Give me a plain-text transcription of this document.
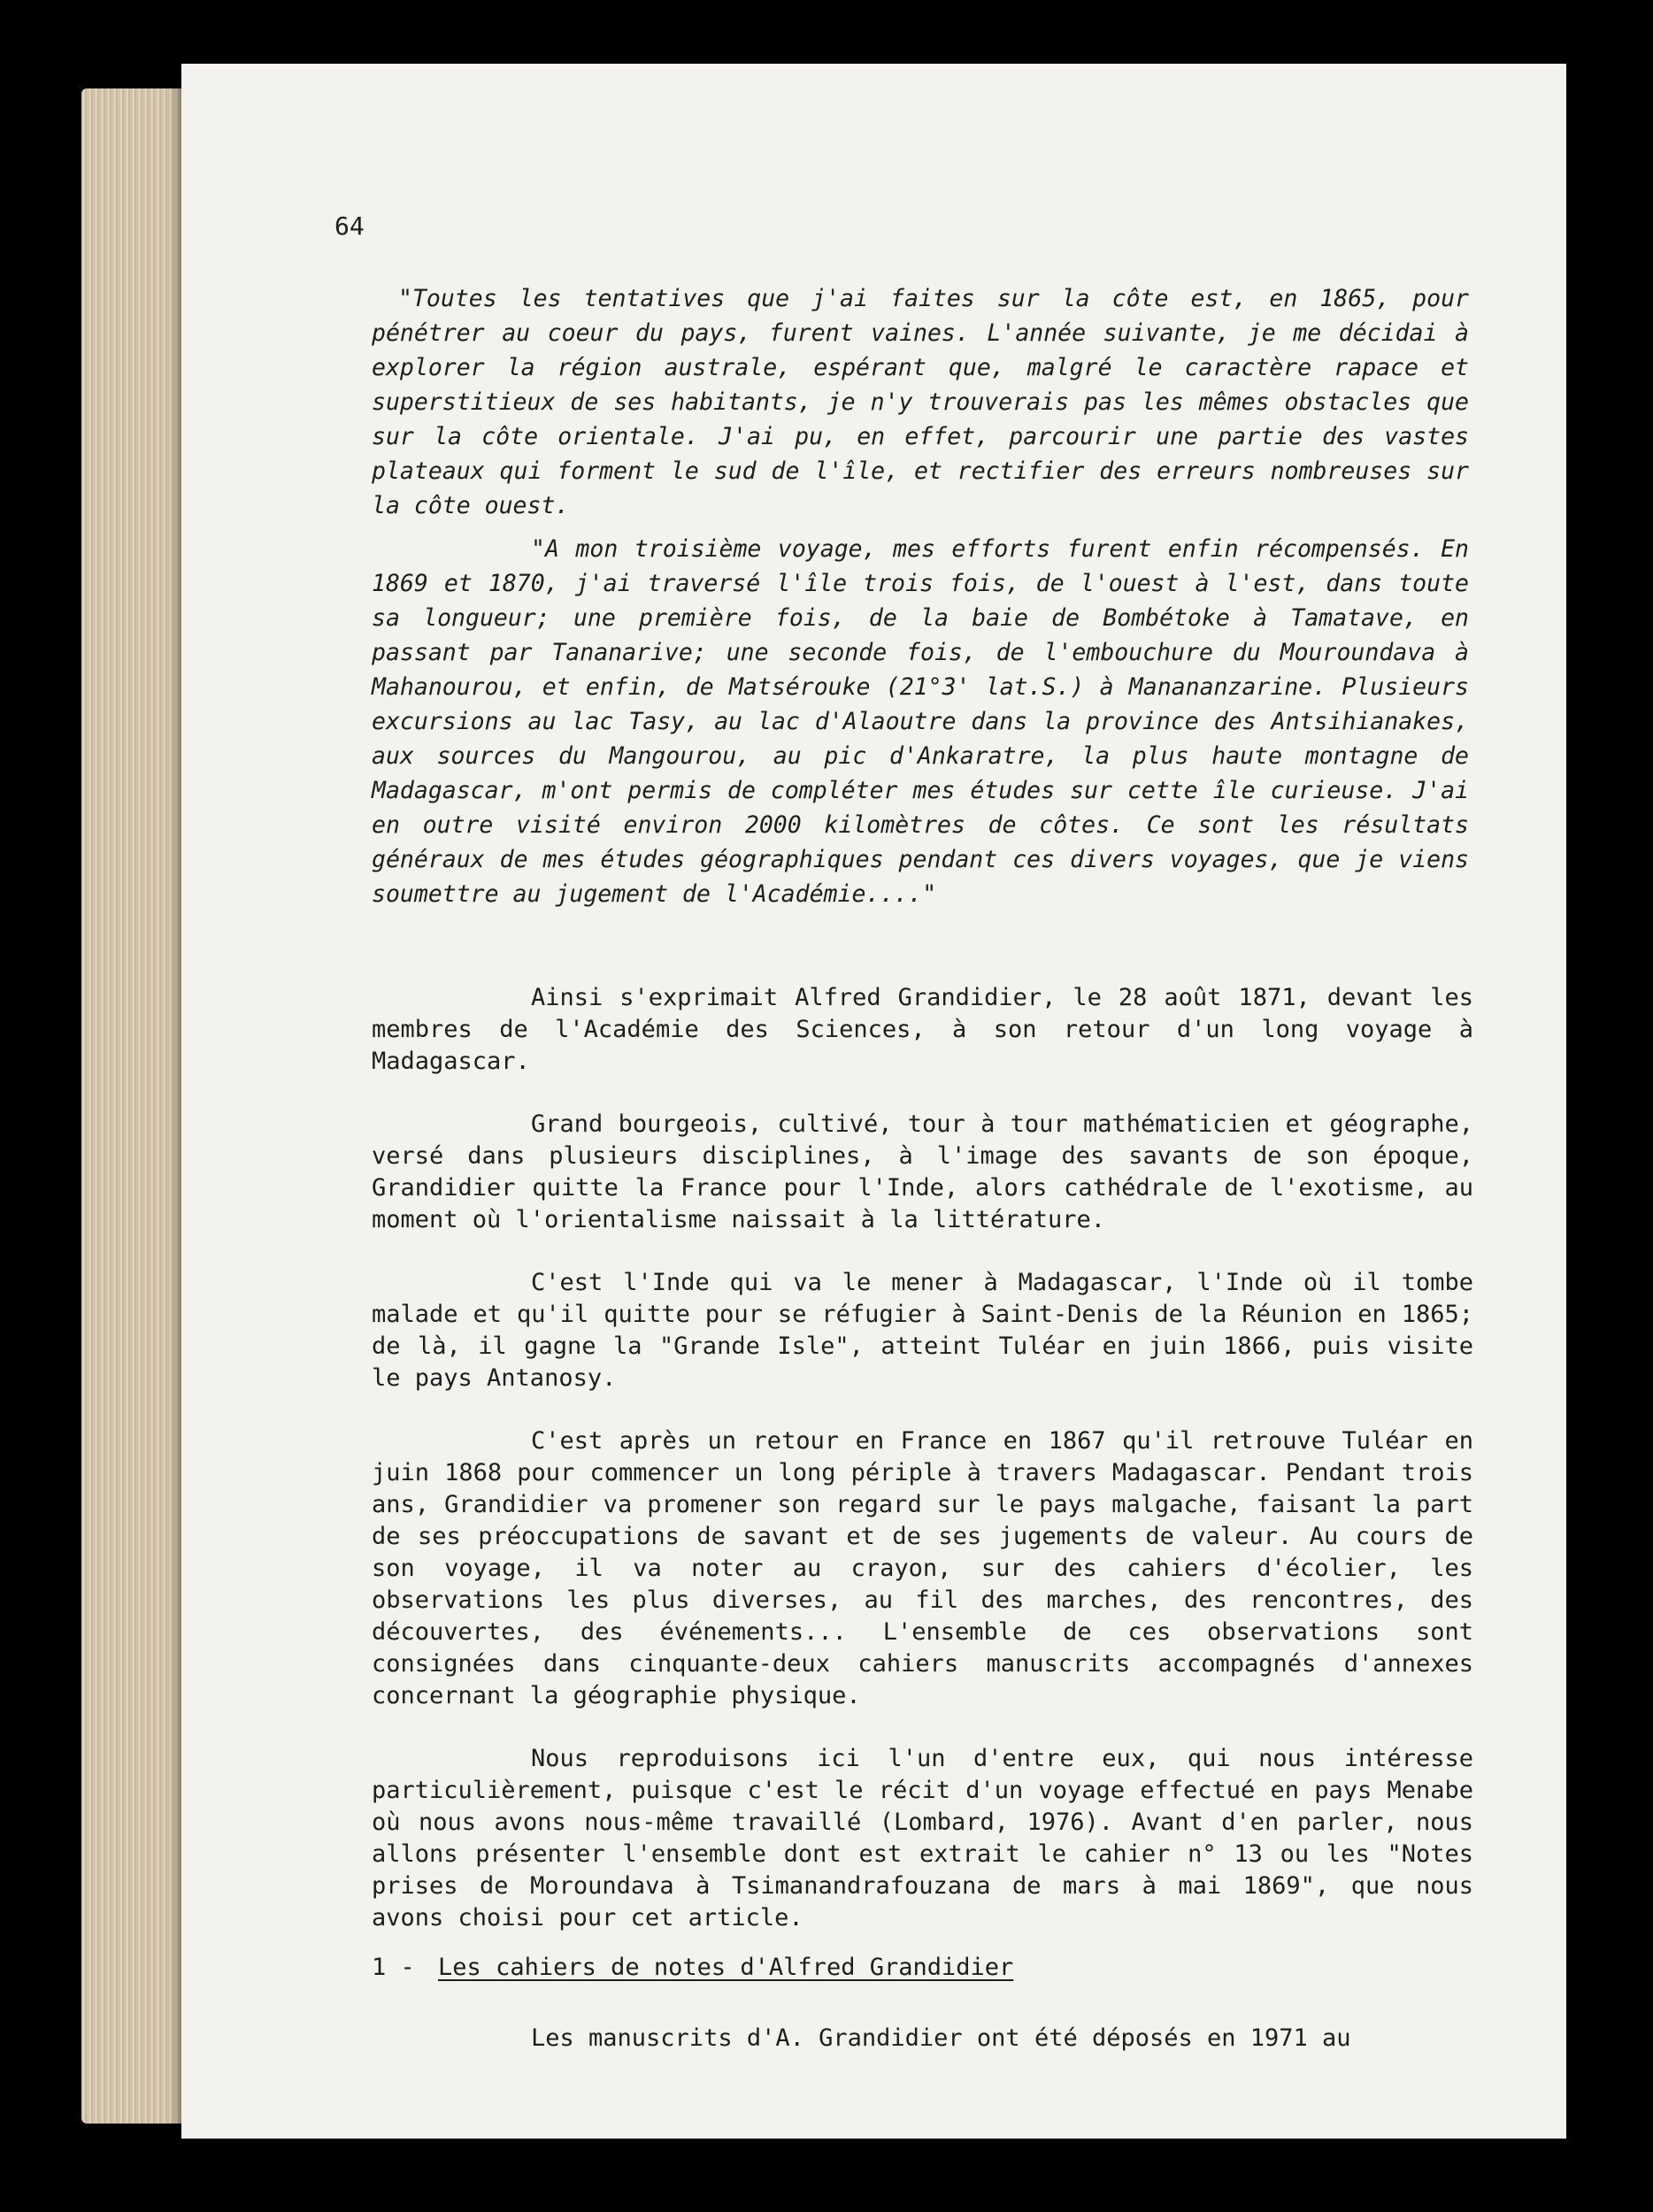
64

"Toutes les tentatives que j'ai faites sur la côte est, en 1865, pour pénétrer au coeur du pays, furent vaines. L'année suivante, je me décidai à explorer la région australe, espérant que, malgré le caractère rapace et superstitieux de ses habitants, je n'y trouverais pas les mêmes obstacles que sur la côte orientale. J'ai pu, en effet, parcourir une partie des vastes plateaux qui forment le sud de l'île, et rectifier des erreurs nombreuses sur la côte ouest.

"A mon troisième voyage, mes efforts furent enfin récompensés. En 1869 et 1870, j'ai traversé l'île trois fois, de l'ouest à l'est, dans toute sa longueur; une première fois, de la baie de Bombétoke à Tamatave, en passant par Tananarive; une seconde fois, de l'embouchure du Mouroundava à Mahanourou, et enfin, de Matsérouke (21°3' lat.S.) à Manananzarine. Plusieurs excursions au lac Tasy, au lac d'Alaoutre dans la province des Antsihianakes, aux sources du Mangourou, au pic d'Ankaratre, la plus haute montagne de Madagascar, m'ont permis de compléter mes études sur cette île curieuse. J'ai en outre visité environ 2000 kilomètres de côtes. Ce sont les résultats généraux de mes études géographiques pendant ces divers voyages, que je viens soumettre au jugement de l'Académie...."

Ainsi s'exprimait Alfred Grandidier, le 28 août 1871, devant les membres de l'Académie des Sciences, à son retour d'un long voyage à Madagascar.

Grand bourgeois, cultivé, tour à tour mathématicien et géographe, versé dans plusieurs disciplines, à l'image des savants de son époque, Grandidier quitte la France pour l'Inde, alors cathédrale de l'exotisme, au moment où l'orientalisme naissait à la littérature.

C'est l'Inde qui va le mener à Madagascar, l'Inde où il tombe malade et qu'il quitte pour se réfugier à Saint-Denis de la Réunion en 1865; de là, il gagne la "Grande Isle", atteint Tuléar en juin 1866, puis visite le pays Antanosy.

C'est après un retour en France en 1867 qu'il retrouve Tuléar en juin 1868 pour commencer un long périple à travers Madagascar. Pendant trois ans, Grandidier va promener son regard sur le pays malgache, faisant la part de ses préoccupations de savant et de ses jugements de valeur. Au cours de son voyage, il va noter au crayon, sur des cahiers d'écolier, les observations les plus diverses, au fil des marches, des rencontres, des découvertes, des événements... L'ensemble de ces observations sont consignées dans cinquante-deux cahiers manuscrits accompagnés d'annexes concernant la géographie physique.

Nous reproduisons ici l'un d'entre eux, qui nous intéresse particulièrement, puisque c'est le récit d'un voyage effectué en pays Menabe où nous avons nous-même travaillé (Lombard, 1976). Avant d'en parler, nous allons présenter l'ensemble dont est extrait le cahier n° 13 ou les "Notes prises de Moroundava à Tsimanandrafouzana de mars à mai 1869", que nous avons choisi pour cet article.

1 - Les cahiers de notes d'Alfred Grandidier

Les manuscrits d'A. Grandidier ont été déposés en 1971 au
